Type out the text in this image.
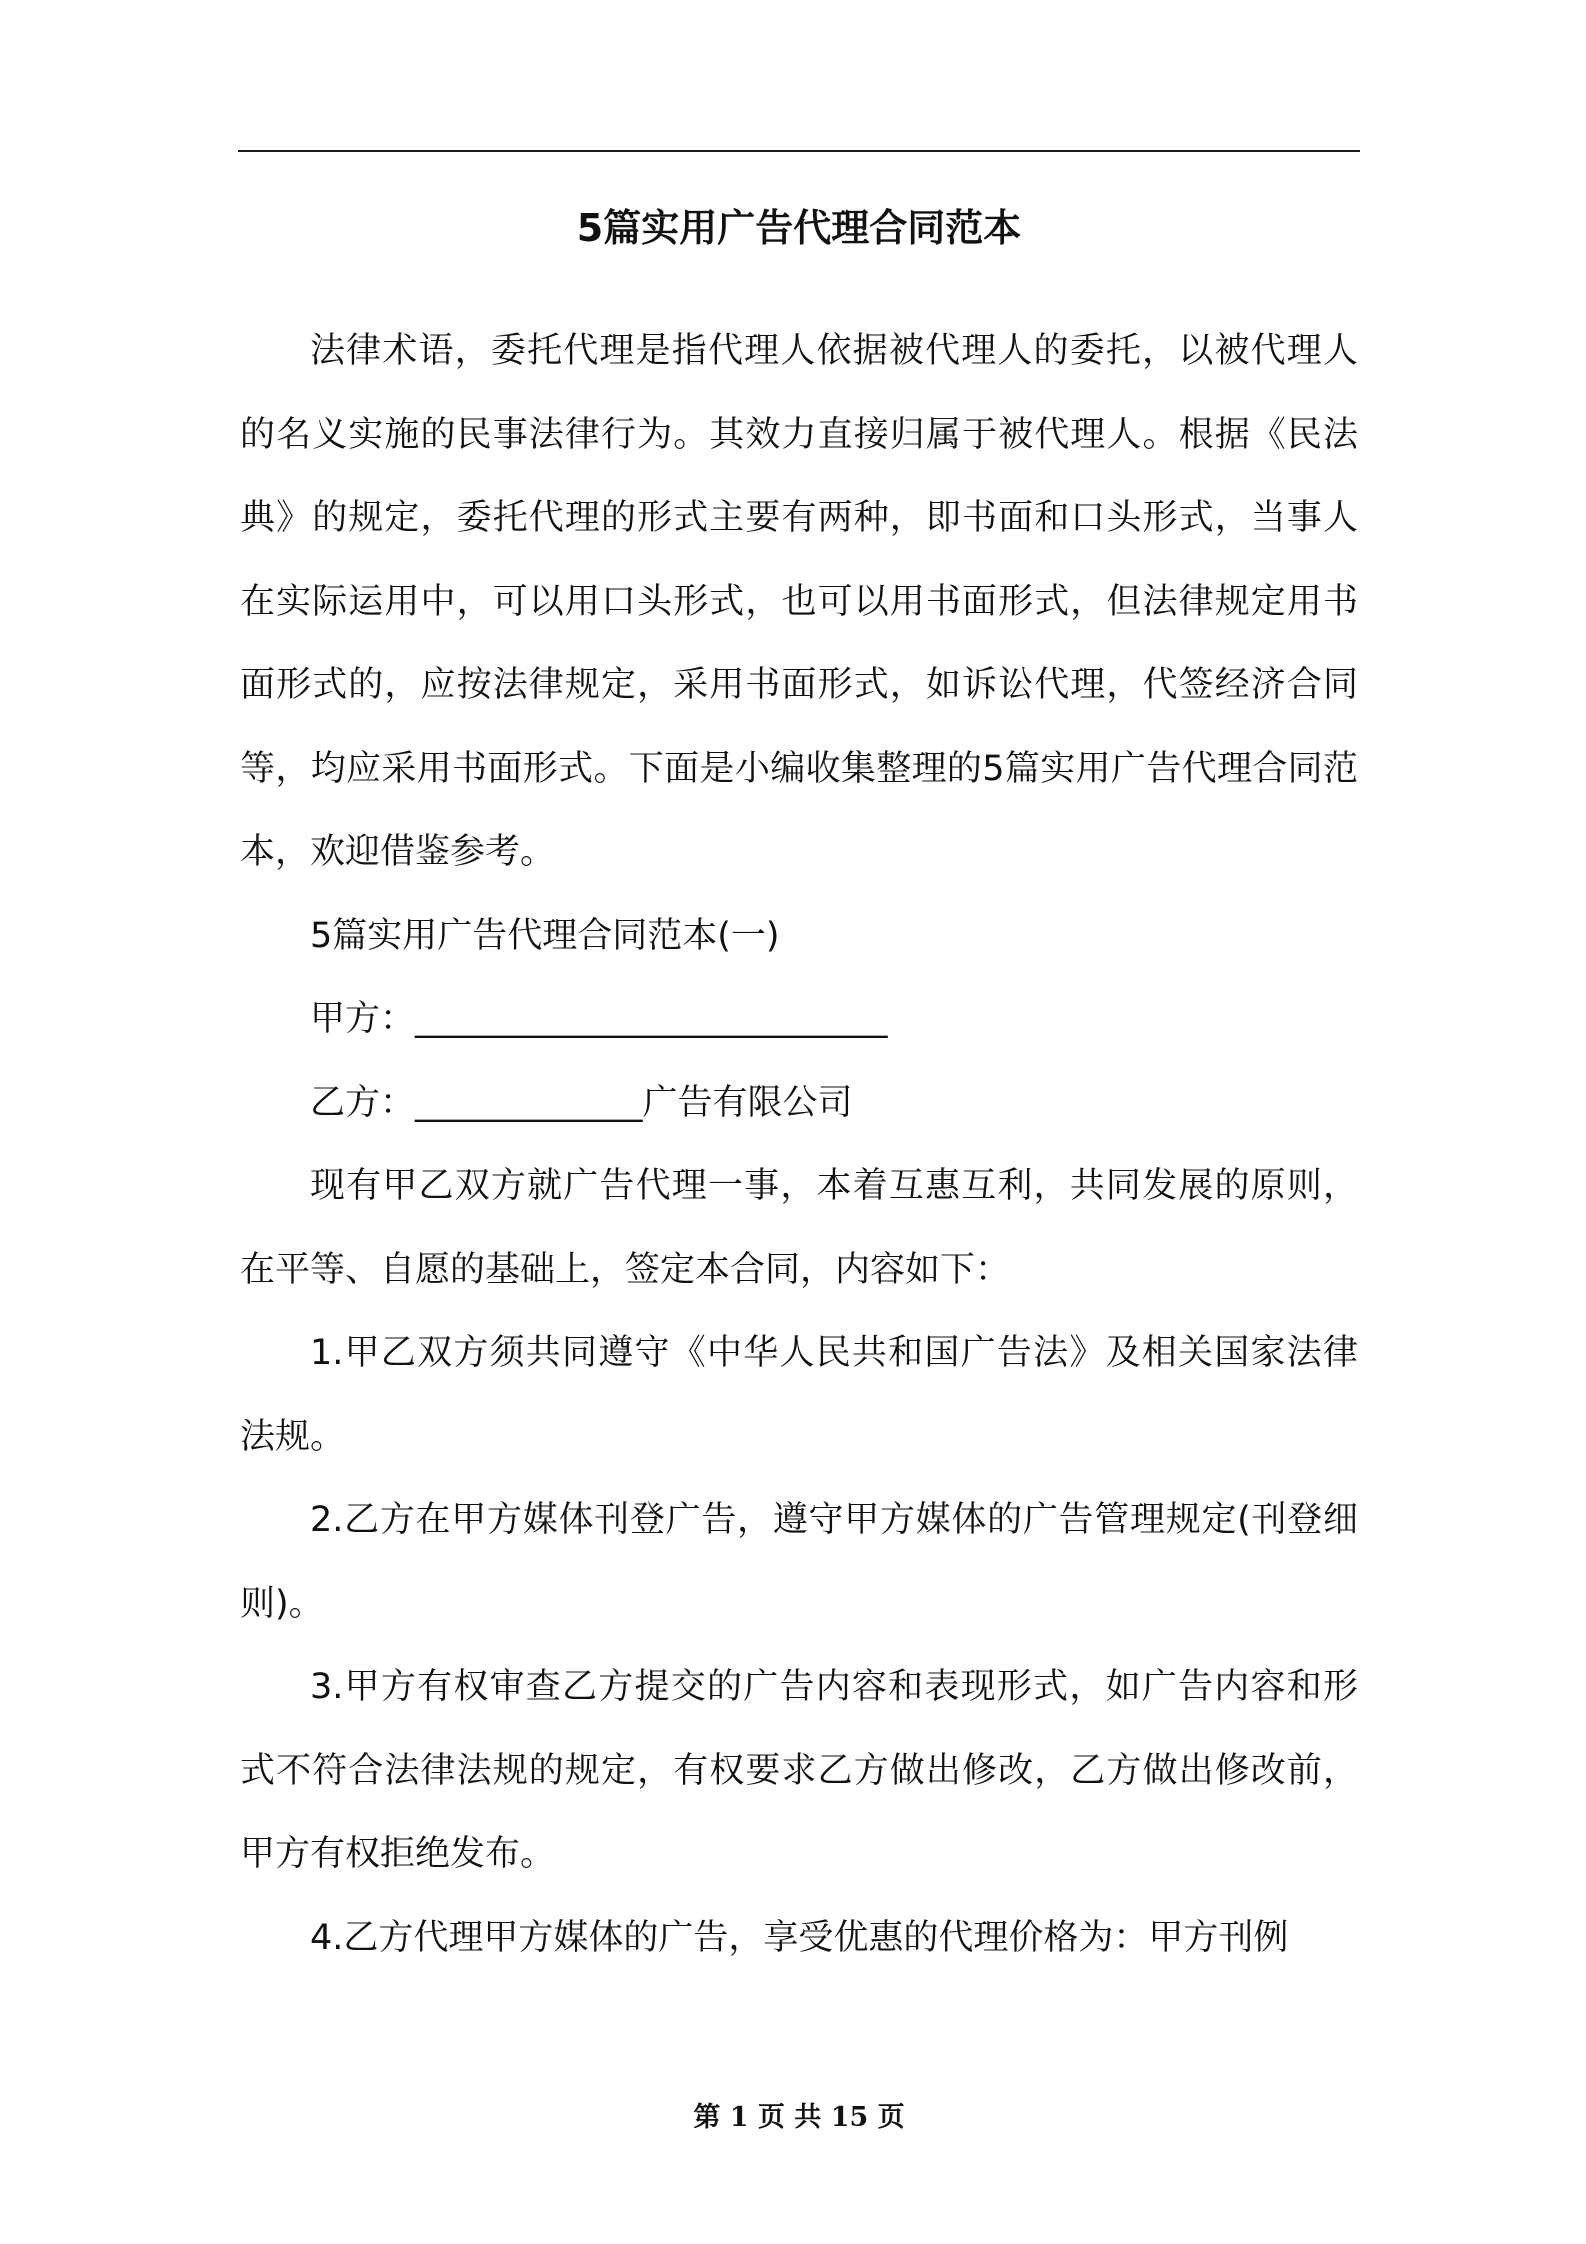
5篇实用广告代理合同范本

法律术语，委托代理是指代理人依据被代理人的委托，以被代理人的名义实施的民事法律行为。其效力直接归属于被代理人。根据《民法典》的规定，委托代理的形式主要有两种，即书面和口头形式，当事人在实际运用中，可以用口头形式，也可以用书面形式，但法律规定用书面形式的，应按法律规定，采用书面形式，如诉讼代理，代签经济合同等，均应采用书面形式。下面是小编收集整理的5篇实用广告代理合同范本，欢迎借鉴参考。

5篇实用广告代理合同范本(一)

甲方：___________________________

乙方：_____________广告有限公司

现有甲乙双方就广告代理一事，本着互惠互利，共同发展的原则，在平等、自愿的基础上，签定本合同，内容如下：

1.甲乙双方须共同遵守《中华人民共和国广告法》及相关国家法律法规。

2.乙方在甲方媒体刊登广告，遵守甲方媒体的广告管理规定(刊登细则)。

3.甲方有权审查乙方提交的广告内容和表现形式，如广告内容和形式不符合法律法规的规定，有权要求乙方做出修改，乙方做出修改前，甲方有权拒绝发布。

4.乙方代理甲方媒体的广告，享受优惠的代理价格为：甲方刊例

第 1 页 共 15 页
